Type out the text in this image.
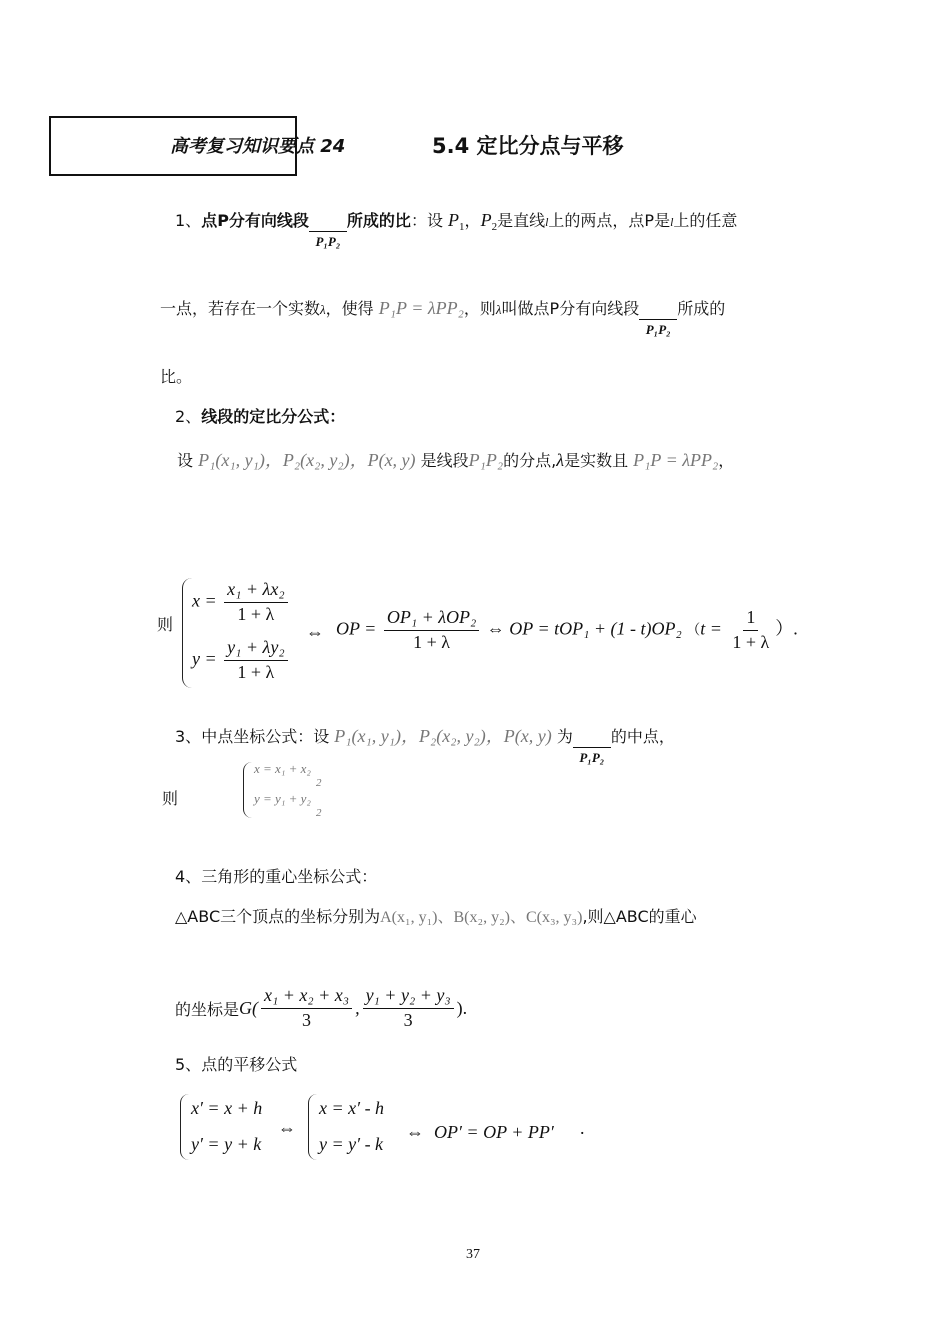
高考复习知识要点 24	5.4 定比分点与平移
1、点P分有向线段
P₁P₂
所成的比：设 $P_1$，$P_2$是直线l上的两点，点P是l上的任意
一点，若存在一个实数λ，使得 P₁P = λPP₂，则λ叫做点P分有向线段
P₁P₂
所成的
比。
2、线段的定比分公式：
设 P₁(x₁, y₁)，P₂(x₂, y₂)，P(x, y) 是线段P₁P₂的分点,λ是实数且 P₁P = λPP₂，
则
$x = \frac{\text{x₁ + λx₂}}{1 + \lambda}$
$y = \frac{\text{y₁ + λy₂}}{1 + \lambda}$
⇔ OP = $\frac{\text{OP₁ + λOP₂}}{1 + \lambda}$ ⇔ OP = tOP₁ + (1 - t)OP₂ （$t = \frac{1}{1 + \lambda}$ ）.
3、中点坐标公式：设 P₁(x₁, y₁)，P₂(x₂, y₂)，P(x, y) 为
P₁P₂
的中点，
则
x = x₁ + x₂
2
y = y₁ + y₂
2
4、三角形的重心坐标公式：
△ABC三个顶点的坐标分别为A(x₁, y₁)、B(x₂, y₂)、C(x₃, y₃),则△ABC的重心
的坐标是$G( \frac{\text{x₁ + x₂ + x₃}}{3}$ , $\frac{\text{y₁ + y₂ + y₃}}{3}$ ).
5、点的平移公式
x′ = x + h
y′ = y + k
⇔
x = x′ - h
y = y′ - k
⇔ OP′ = OP + PP′ .
37
